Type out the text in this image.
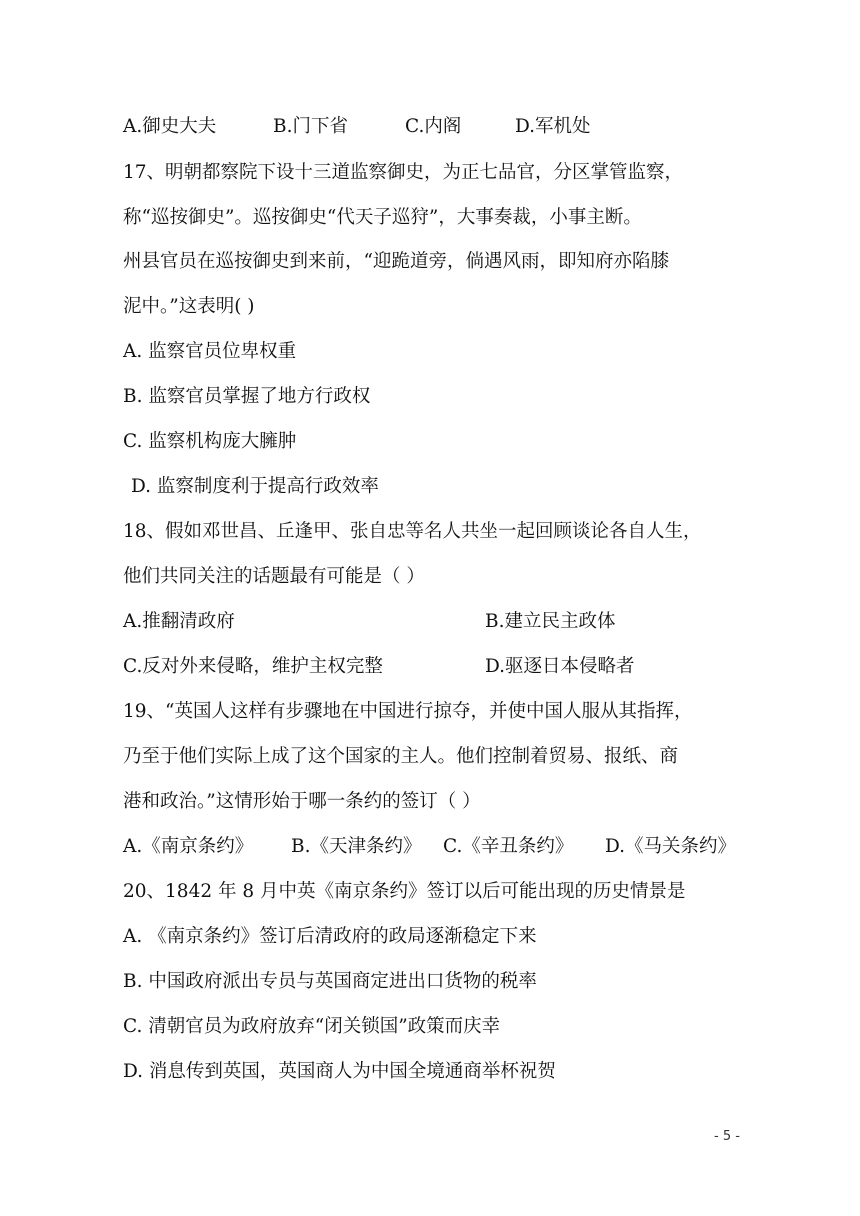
A.御史大夫	B.门下省	C.内阁	D.军机处
17、明朝都察院下设十三道监察御史，为正七品官，分区掌管监察，
称“巡按御史”。巡按御史“代天子巡狩”，大事奏裁，小事主断。
州县官员在巡按御史到来前，“迎跪道旁，倘遇风雨，即知府亦陷膝
泥中。”这表明( )
A. 监察官员位卑权重
B. 监察官员掌握了地方行政权
C. 监察机构庞大臃肿
D. 监察制度利于提高行政效率
18、假如邓世昌、丘逢甲、张自忠等名人共坐一起回顾谈论各自人生，
他们共同关注的话题最有可能是（ ）
A.推翻清政府	B.建立民主政体
C.反对外来侵略，维护主权完整	D.驱逐日本侵略者
19、“英国人这样有步骤地在中国进行掠夺，并使中国人服从其指挥，
乃至于他们实际上成了这个国家的主人。他们控制着贸易、报纸、商
港和政治。”这情形始于哪一条约的签订（ ）
A.《南京条约》 B.《天津条约》 C.《辛丑条约》 D.《马关条约》
20、1842 年 8 月中英《南京条约》签订以后可能出现的历史情景是
A. 《南京条约》签订后清政府的政局逐渐稳定下来
B. 中国政府派出专员与英国商定进出口货物的税率
C. 清朝官员为政府放弃“闭关锁国”政策而庆幸
D. 消息传到英国，英国商人为中国全境通商举杯祝贺
- 5 -
